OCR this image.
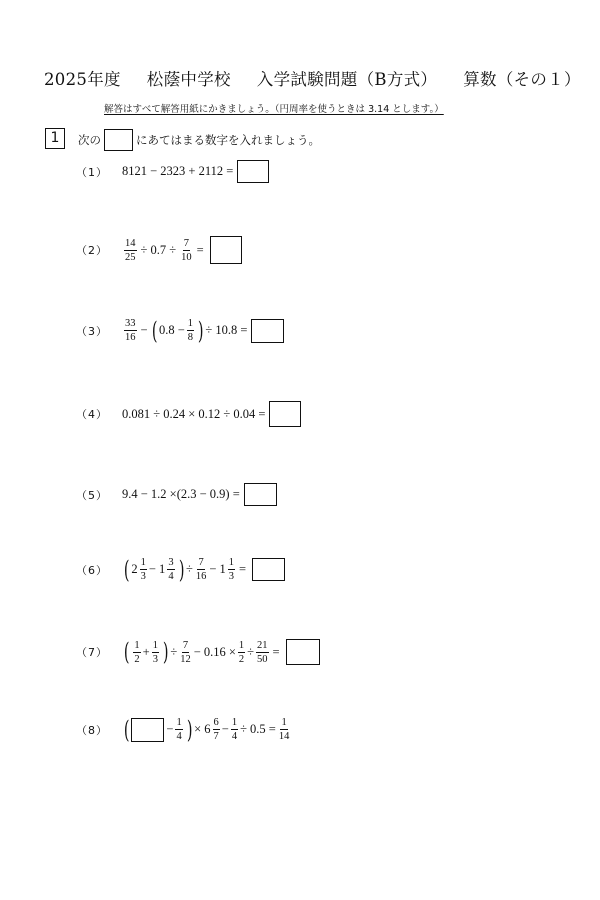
2025年度 松蔭中学校 入学試験問題（B方式） 算数（その１）
解答はすべて解答用紙にかきましょう。（円周率を使うときは 3.14 とします。）
1	次の	にあてはまる数字を入れましょう。
（1） 8121 − 2323 + 2112 =
$(2) \frac{14}{25} \div 0.7 \div \frac{7}{10}$ =
（3）
33
16
− ( $0.8 - \frac{1}{8}$ ) ÷ 10.8 =
（4） 0.081 ÷ 0.24 × 0.12 ÷ 0.04 =
（5） 9.4 − 1.2 ×(2.3 − 0.9) =
（6） ( 2 1
3
− 1 3
4 ) ÷ $\frac{7}{16} - 1 \frac{1}{3}$ =
（7） ( 1
2
+ $\frac{1}{3}$ ) ÷ $\frac{7}{12} - 0.16 \times \frac{1}{2} \div \frac{21}{50}$ =
（8） (	− $\frac{1}{4}$ ) × 6 6
7
− $\frac{1}{4} \div 0.5 = \frac{1}{14}$
